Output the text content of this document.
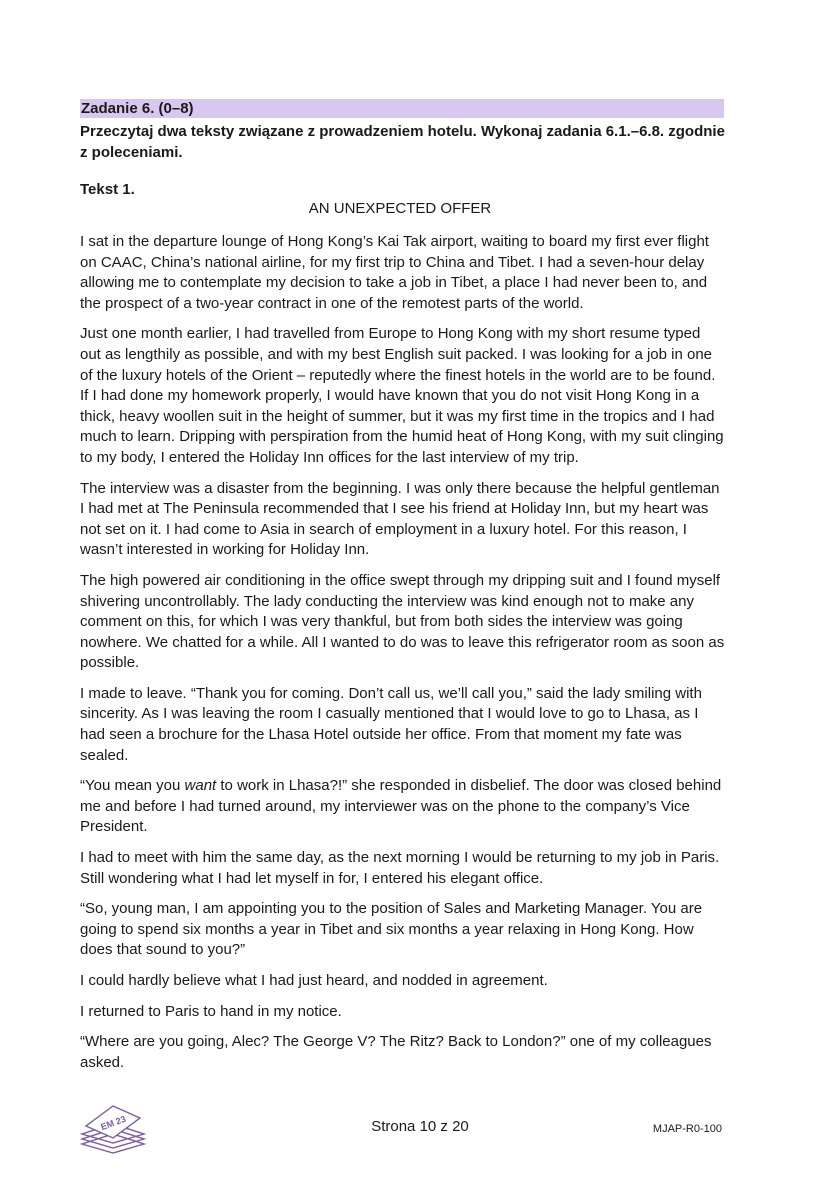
Zadanie 6. (0–8)
Przeczytaj dwa teksty związane z prowadzeniem hotelu. Wykonaj zadania 6.1.–6.8. zgodnie z poleceniami.
Tekst 1.
AN UNEXPECTED OFFER

I sat in the departure lounge of Hong Kong’s Kai Tak airport, waiting to board my first ever flight on CAAC, China’s national airline, for my first trip to China and Tibet. I had a seven-hour delay allowing me to contemplate my decision to take a job in Tibet, a place I had never been to, and the prospect of a two-year contract in one of the remotest parts of the world.

Just one month earlier, I had travelled from Europe to Hong Kong with my short resume typed out as lengthily as possible, and with my best English suit packed. I was looking for a job in one of the luxury hotels of the Orient – reputedly where the finest hotels in the world are to be found. If I had done my homework properly, I would have known that you do not visit Hong Kong in a thick, heavy woollen suit in the height of summer, but it was my first time in the tropics and I had much to learn. Dripping with perspiration from the humid heat of Hong Kong, with my suit clinging to my body, I entered the Holiday Inn offices for the last interview of my trip.

The interview was a disaster from the beginning. I was only there because the helpful gentleman I had met at The Peninsula recommended that I see his friend at Holiday Inn, but my heart was not set on it. I had come to Asia in search of employment in a luxury hotel. For this reason, I wasn’t interested in working for Holiday Inn.

The high powered air conditioning in the office swept through my dripping suit and I found myself shivering uncontrollably. The lady conducting the interview was kind enough not to make any comment on this, for which I was very thankful, but from both sides the interview was going nowhere. We chatted for a while. All I wanted to do was to leave this refrigerator room as soon as possible.

I made to leave. “Thank you for coming. Don’t call us, we’ll call you,” said the lady smiling with sincerity. As I was leaving the room I casually mentioned that I would love to go to Lhasa, as I had seen a brochure for the Lhasa Hotel outside her office. From that moment my fate was sealed.

“You mean you want to work in Lhasa?!” she responded in disbelief. The door was closed behind me and before I had turned around, my interviewer was on the phone to the company’s Vice President.

I had to meet with him the same day, as the next morning I would be returning to my job in Paris. Still wondering what I had let myself in for, I entered his elegant office.

“So, young man, I am appointing you to the position of Sales and Marketing Manager. You are going to spend six months a year in Tibet and six months a year relaxing in Hong Kong. How does that sound to you?”

I could hardly believe what I had just heard, and nodded in agreement.

I returned to Paris to hand in my notice.

“Where are you going, Alec? The George V? The Ritz? Back to London?” one of my colleagues asked.

EM 23	Strona 10 z 20	MJAP-R0-100
